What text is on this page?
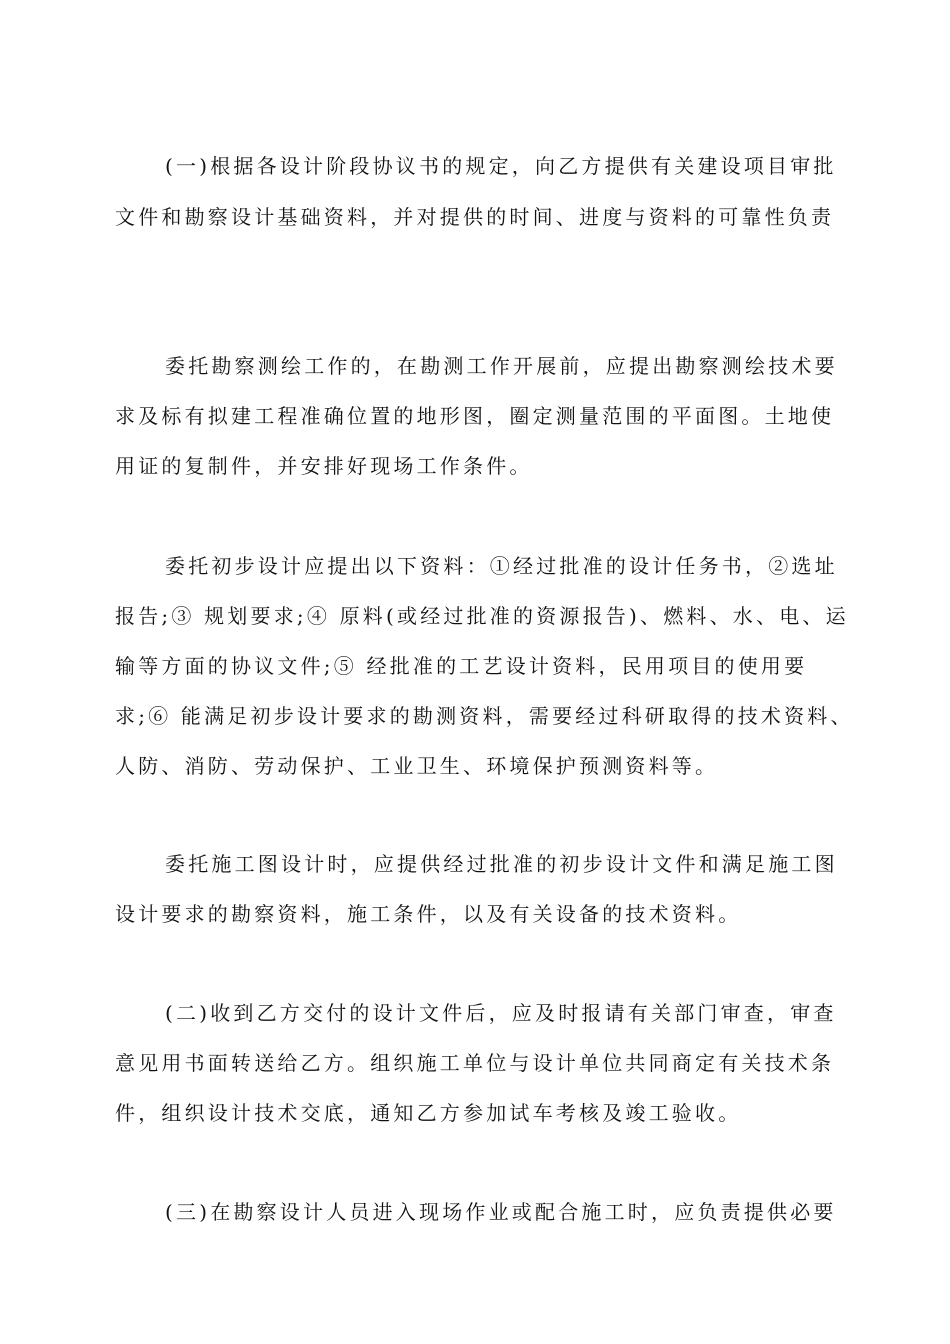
(一)根据各设计阶段协议书的规定，向乙方提供有关建设项目审批
文件和勘察设计基础资料，并对提供的时间、进度与资料的可靠性负责
委托勘察测绘工作的，在勘测工作开展前，应提出勘察测绘技术要
求及标有拟建工程准确位置的地形图，圈定测量范围的平面图。土地使
用证的复制件，并安排好现场工作条件。
委托初步设计应提出以下资料：①经过批准的设计任务书，②选址
报告;③ 规划要求;④ 原料(或经过批准的资源报告)、燃料、水、电、运
输等方面的协议文件;⑤ 经批准的工艺设计资料，民用项目的使用要
求;⑥ 能满足初步设计要求的勘测资料，需要经过科研取得的技术资料、
人防、消防、劳动保护、工业卫生、环境保护预测资料等。
委托施工图设计时，应提供经过批准的初步设计文件和满足施工图
设计要求的勘察资料，施工条件，以及有关设备的技术资料。
(二)收到乙方交付的设计文件后，应及时报请有关部门审查，审查
意见用书面转送给乙方。组织施工单位与设计单位共同商定有关技术条
件，组织设计技术交底，通知乙方参加试车考核及竣工验收。
(三)在勘察设计人员进入现场作业或配合施工时，应负责提供必要
